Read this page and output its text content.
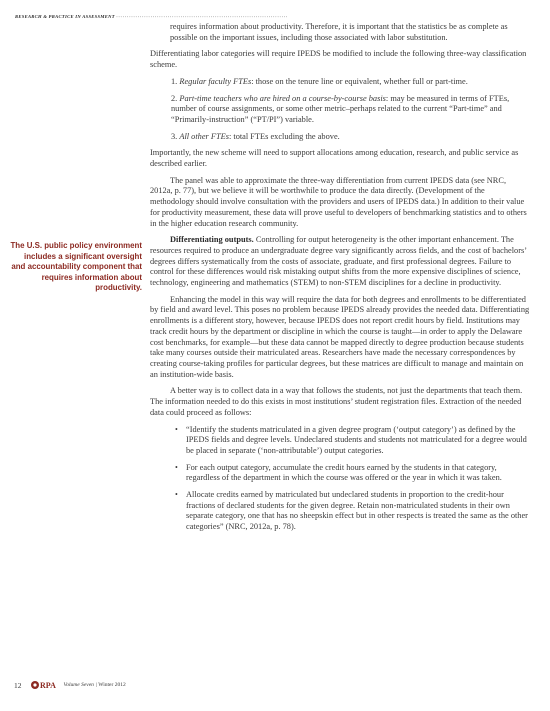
RESEARCH & PRACTICE IN ASSESSMENT ················································································
The U.S. public policy environment includes a significant oversight and accountability component that requires information about productivity.

requires information about productivity. Therefore, it is important that the statistics be as complete as possible on the important issues, including those associated with labor substitution.

Differentiating labor categories will require IPEDS be modified to include the following three-way classification scheme.

1. Regular faculty FTEs: those on the tenure line or equivalent, whether full or part-time.

2. Part-time teachers who are hired on a course-by-course basis: may be measured in terms of FTEs, number of course assignments, or some other metric–perhaps related to the current “Part-time” and “Primarily-instruction” (“PT/PI”) variable.

3. All other FTEs: total FTEs excluding the above.

Importantly, the new scheme will need to support allocations among education, research, and public service as described earlier.

The panel was able to approximate the three-way differentiation from current IPEDS data (see NRC, 2012a, p. 77), but we believe it will be worthwhile to produce the data directly. (Development of the methodology should involve consultation with the providers and users of IPEDS data.) In addition to their value for productivity measurement, these data will prove useful to developers of benchmarking statistics and to others in the higher education research community.

Differentiating outputs. Controlling for output heterogeneity is the other important enhancement. The resources required to produce an undergraduate degree vary significantly across fields, and the cost of bachelors’ degrees differs systematically from the costs of associate, graduate, and first professional degrees. Failure to control for these differences would risk mistaking output shifts from the more expensive disciplines of science, technology, engineering and mathematics (STEM) to non-STEM disciplines for a decline in productivity.

Enhancing the model in this way will require the data for both degrees and enrollments to be differentiated by field and award level. This poses no problem because IPEDS already provides the needed data. Differentiating enrollments is a different story, however, because IPEDS does not report credit hours by field. Institutions may track credit hours by the department or discipline in which the course is taught—in order to apply the Delaware cost benchmarks, for example—but these data cannot be mapped directly to degree production because students take many courses outside their matriculated areas. Researchers have made the necessary correspondences by creating course-taking profiles for particular degrees, but these matrices are difficult to manage and maintain on an institution-wide basis.

A better way is to collect data in a way that follows the students, not just the departments that teach them. The information needed to do this exists in most institutions’ student registration files. Extraction of the needed data could proceed as follows:

• “Identify the students matriculated in a given degree program (‘output category’) as defined by the IPEDS fields and degree levels. Undeclared students and students not matriculated for a degree would be placed in separate (‘non-attributable’) output categories.
• For each output category, accumulate the credit hours earned by the students in that category, regardless of the department in which the course was offered or the year in which it was taken.
• Allocate credits earned by matriculated but undeclared students in proportion to the credit-hour fractions of declared students for the given degree. Retain non-matriculated students in their own separate category, one that has no sheepskin effect but in other respects is treated the same as the other categories” (NRC, 2012a, p. 78).
12 RPA Volume Seven | Winter 2012
